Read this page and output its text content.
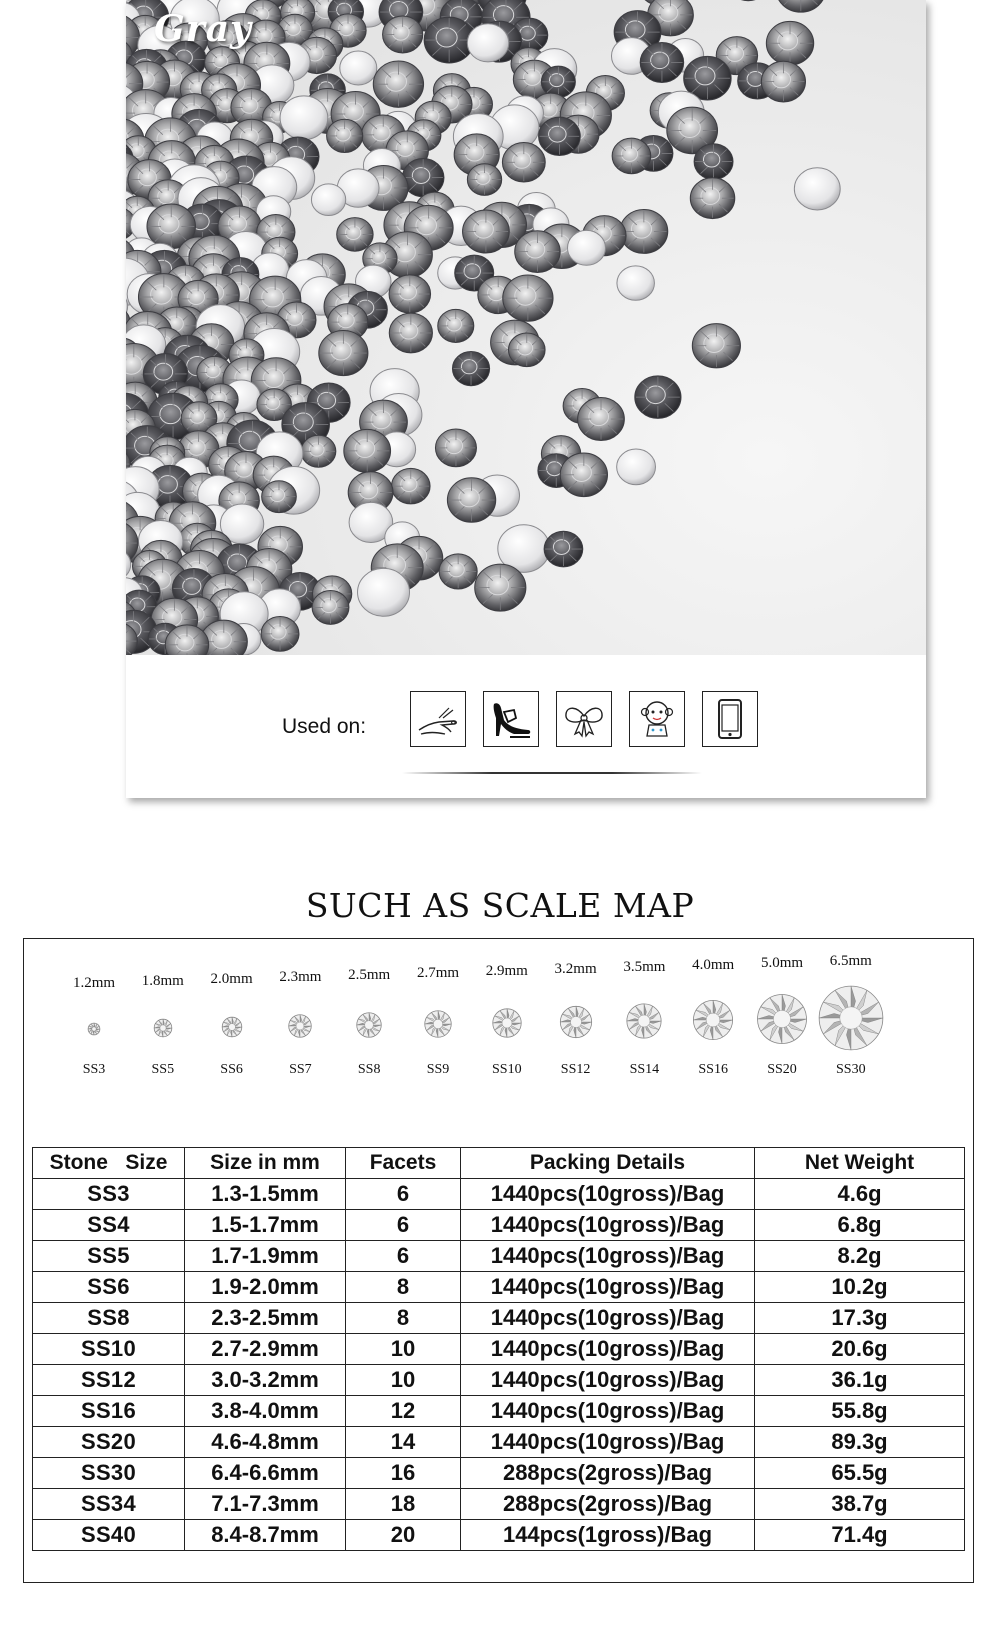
Gray
Used on:
SUCH AS SCALE MAP
1.2mm
SS3
1.8mm
SS5
2.0mm
SS6
2.3mm
SS7
2.5mm
SS8
2.7mm
SS9
2.9mm
SS10
3.2mm
SS12
3.5mm
SS14
4.0mm
SS16
5.0mm
SS20
6.5mm
SS30
Stone   Size	Size in mm	Facets	Packing Details	Net Weight
SS3	1.3-1.5mm	6	1440pcs(10gross)/Bag	4.6g
SS4	1.5-1.7mm	6	1440pcs(10gross)/Bag	6.8g
SS5	1.7-1.9mm	6	1440pcs(10gross)/Bag	8.2g
SS6	1.9-2.0mm	8	1440pcs(10gross)/Bag	10.2g
SS8	2.3-2.5mm	8	1440pcs(10gross)/Bag	17.3g
SS10	2.7-2.9mm	10	1440pcs(10gross)/Bag	20.6g
SS12	3.0-3.2mm	10	1440pcs(10gross)/Bag	36.1g
SS16	3.8-4.0mm	12	1440pcs(10gross)/Bag	55.8g
SS20	4.6-4.8mm	14	1440pcs(10gross)/Bag	89.3g
SS30	6.4-6.6mm	16	288pcs(2gross)/Bag	65.5g
SS34	7.1-7.3mm	18	288pcs(2gross)/Bag	38.7g
SS40	8.4-8.7mm	20	144pcs(1gross)/Bag	71.4g
